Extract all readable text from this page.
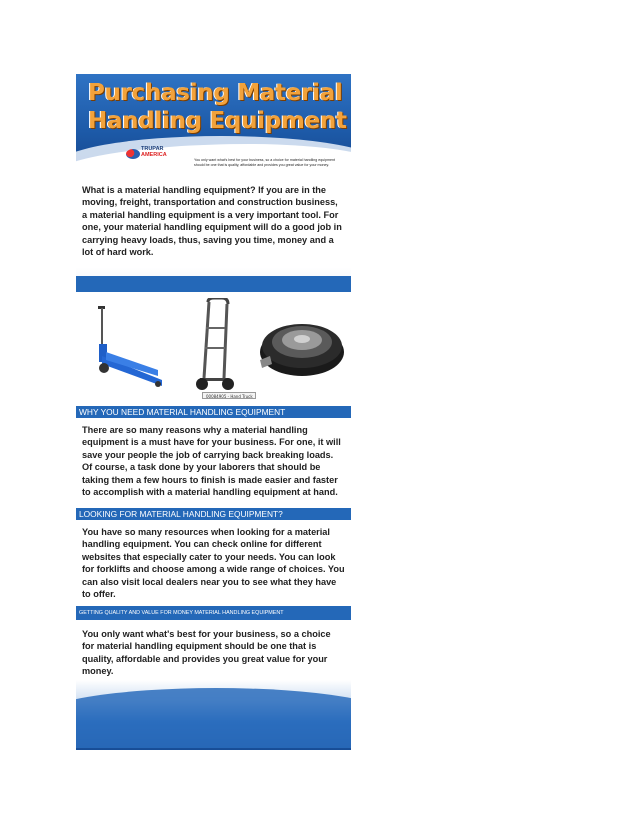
Purchasing Material
Handling Equipment
TRUPAR
AMERICA
You only want what's best for your business, so a choice for material handling equipment should be one that is quality, affordable and provides you great value for your money.

What is a material handling equipment? If you are in the moving, freight, transportation and construction business, a material handling equipment is a very important tool. For one, your material handling equipment will do a good job in carrying heavy loads, thus, saving you time, money and a lot of hard work.

00084905 - Hand Truck
WHY YOU NEED MATERIAL HANDLING EQUIPMENT

There are so many reasons why a material handling equipment is a must have for your business. For one, it will save your people the job of carrying back breaking loads. Of course, a task done by your laborers that should be taking them a few hours to finish is made easier and faster to accomplish with a material handling equipment at hand.

LOOKING FOR MATERIAL HANDLING EQUIPMENT?

You have so many resources when looking for a material handling equipment. You can check online for different websites that especially cater to your needs. You can look for forklifts and choose among a wide range of choices. You can also visit local dealers near you to see what they have to offer.

GETTING QUALITY AND VALUE FOR MONEY MATERIAL HANDLING EQUIPMENT

You only want what's best for your business, so a choice for material handling equipment should be one that is quality, affordable and provides you great value for your money.
